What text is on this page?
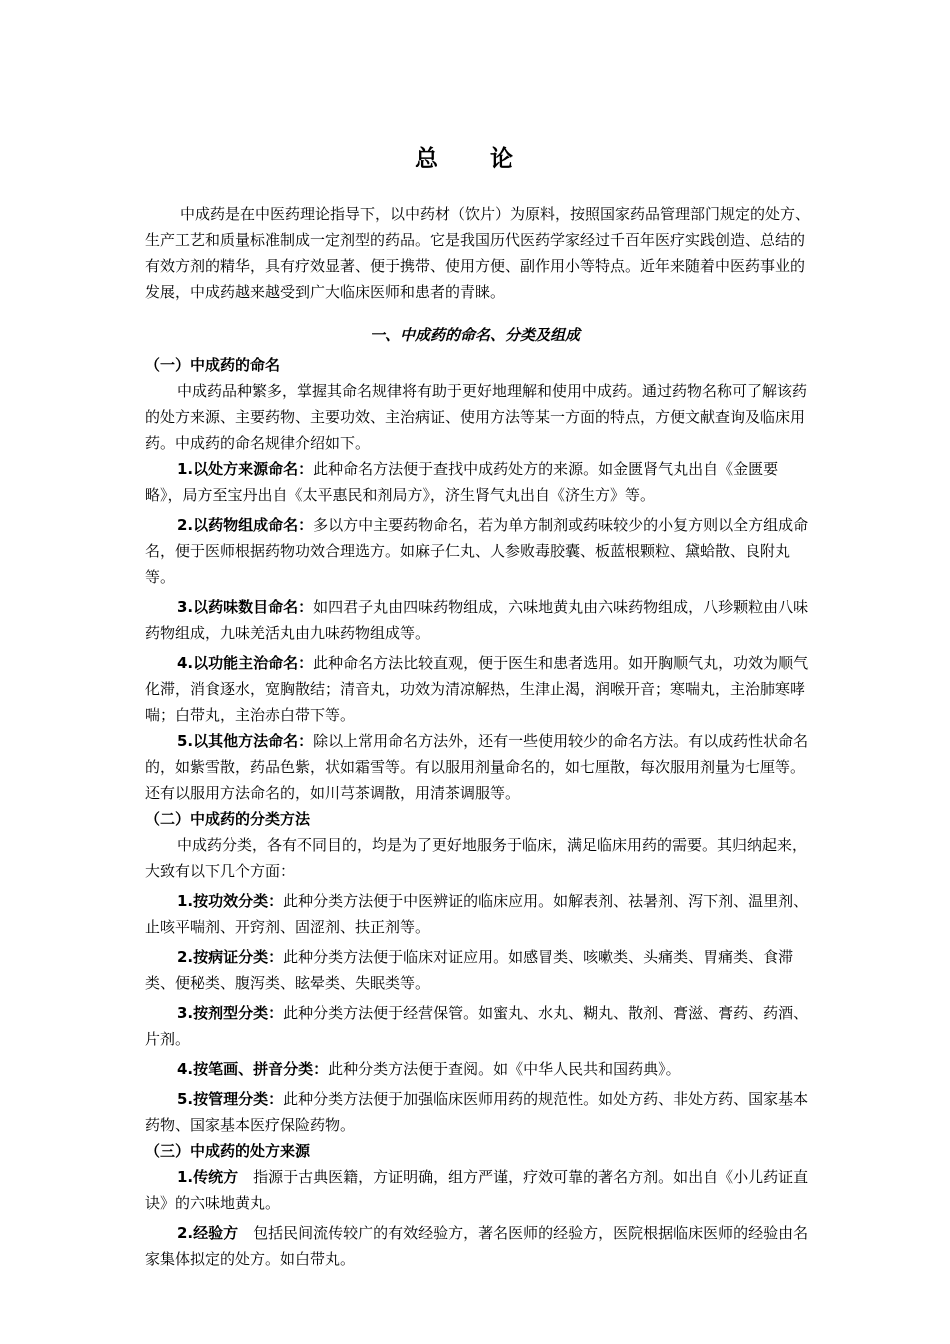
总 论

中成药是在中医药理论指导下，以中药材（饮片）为原料，按照国家药品管理部门规定的处方、生产工艺和质量标准制成一定剂型的药品。它是我国历代医药学家经过千百年医疗实践创造、总结的有效方剂的精华，具有疗效显著、便于携带、使用方便、副作用小等特点。近年来随着中医药事业的发展，中成药越来越受到广大临床医师和患者的青睐。

一、中成药的命名、分类及组成

（一）中成药的命名

中成药品种繁多，掌握其命名规律将有助于更好地理解和使用中成药。通过药物名称可了解该药的处方来源、主要药物、主要功效、主治病证、使用方法等某一方面的特点，方便文献查询及临床用药。中成药的命名规律介绍如下。

1.以处方来源命名：此种命名方法便于查找中成药处方的来源。如金匮肾气丸出自《金匮要略》，局方至宝丹出自《太平惠民和剂局方》，济生肾气丸出自《济生方》等。

2.以药物组成命名：多以方中主要药物命名，若为单方制剂或药味较少的小复方则以全方组成命名，便于医师根据药物功效合理选方。如麻子仁丸、人参败毒胶囊、板蓝根颗粒、黛蛤散、良附丸等。

3.以药味数目命名：如四君子丸由四味药物组成，六味地黄丸由六味药物组成，八珍颗粒由八味药物组成，九味羌活丸由九味药物组成等。

4.以功能主治命名：此种命名方法比较直观，便于医生和患者选用。如开胸顺气丸，功效为顺气化滞，消食逐水，宽胸散结；清音丸，功效为清凉解热，生津止渴，润喉开音；寒喘丸，主治肺寒哮喘；白带丸，主治赤白带下等。

5.以其他方法命名：除以上常用命名方法外，还有一些使用较少的命名方法。有以成药性状命名的，如紫雪散，药品色紫，状如霜雪等。有以服用剂量命名的，如七厘散，每次服用剂量为七厘等。还有以服用方法命名的，如川芎茶调散，用清茶调服等。

（二）中成药的分类方法

中成药分类，各有不同目的，均是为了更好地服务于临床，满足临床用药的需要。其归纳起来，大致有以下几个方面：

1.按功效分类：此种分类方法便于中医辨证的临床应用。如解表剂、祛暑剂、泻下剂、温里剂、止咳平喘剂、开窍剂、固涩剂、扶正剂等。

2.按病证分类：此种分类方法便于临床对证应用。如感冒类、咳嗽类、头痛类、胃痛类、食滞类、便秘类、腹泻类、眩晕类、失眠类等。

3.按剂型分类：此种分类方法便于经营保管。如蜜丸、水丸、糊丸、散剂、膏滋、膏药、药酒、片剂。

4.按笔画、拼音分类：此种分类方法便于查阅。如《中华人民共和国药典》。

5.按管理分类：此种分类方法便于加强临床医师用药的规范性。如处方药、非处方药、国家基本药物、国家基本医疗保险药物。

（三）中成药的处方来源

1.传统方　指源于古典医籍，方证明确，组方严谨，疗效可靠的著名方剂。如出自《小儿药证直诀》的六味地黄丸。

2.经验方　包括民间流传较广的有效经验方，著名医师的经验方，医院根据临床医师的经验由名家集体拟定的处方。如白带丸。
